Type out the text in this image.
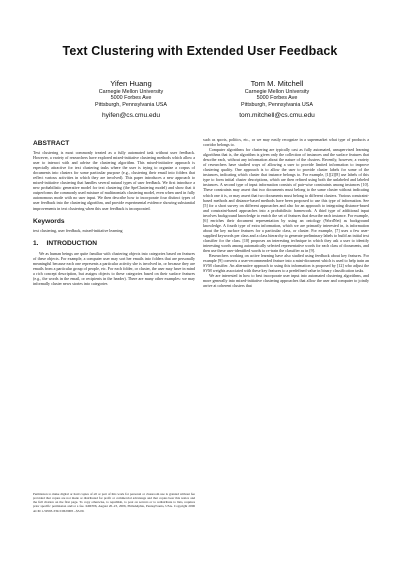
Text Clustering with Extended User Feedback
Yifen Huang
Carnegie Mellon University
5000 Forbes Ave
Pittsburgh, Pennsylvania USA
hyifen@cs.cmu.edu
Tom M. Mitchell
Carnegie Mellon University
5000 Forbes Ave
Pittsburgh, Pennsylvania USA
tom.mitchell@cs.cmu.edu
ABSTRACT

Text clustering is most commonly treated as a fully automated task without user feedback. However, a variety of researchers have explored mixed-initiative clustering methods which allow a user to interact with and advise the clustering algorithm. This mixed-initiative approach is especially attractive for text clustering tasks where the user is trying to organize a corpus of documents into clusters for some particular purpose (e.g., clustering their email into folders that reflect various activities in which they are involved). This paper introduces a new approach to mixed-initiative clustering that handles several natural types of user feedback. We first introduce a new probabilistic generative model for text clustering (the SpeClustering model) and show that it outperforms the commonly used mixture of multinomials clustering model, even when used in fully autonomous mode with no user input. We then describe how to incorporate four distinct types of user feedback into the clustering algorithm, and provide experimental evidence showing substantial improvements in text clustering when this user feedback is incorporated.

Keywords

text clustering, user feedback, mixed-initiative learning

1. INTRODUCTION

We as human beings are quite familiar with clustering objects into categories based on features of these objects. For example, a computer user may sort her emails into folders that are personally meaningful because each one represents a particular activity she is involved in, or because they are emails from a particular group of people, etc. For each folder, or cluster, the user may have in mind a rich concept description, but assigns objects to these categories based on their surface features (e.g., the words in the email, or recipients in the header). There are many other examples: we may informally cluster news stories into categories

Permission to make digital or hard copies of all or part of this work for personal or classroom use is granted without fee provided that copies are not made or distributed for profit or commercial advantage and that copies bear this notice and the full citation on the first page. To copy otherwise, to republish, to post on servers or to redistribute to lists, requires prior specific permission and/or a fee. KDD'06, August 20–23, 2006, Philadelphia, Pennsylvania, USA. Copyright 2006 ACM 1-59593-339-5/06/0008 ...$5.00.

such as sports, politics, etc., or we may easily recognize in a supermarket what type of products a corridor belongs to.

Computer algorithms for clustering are typically cast as fully automated, unsupervised learning algorithms that is, the algorithm is given only the collection of instances and the surface features that describe each, without any information about the nature of the clusters. Recently, however, a variety of researchers have studied ways of allowing a user to provide limited information to improve clustering quality. One approach is to allow the user to provide cluster labels for some of the instances, indicating which cluster that instance belongs to. For example, [1][2][8] use labels of this type to form initial cluster descriptions, which are then refined using both the unlabeled and labeled instances. A second type of input information consists of pair-wise constraints among instances [10]. These constraints may assert that two documents must belong to the same cluster without indicating which one it is, or may assert that two documents must belong to different clusters. Various constraint-based methods and distance-based methods have been proposed to use this type of information. See [5] for a short survey on different approaches and also for an approach to integrating distance-based and constraint-based approaches into a probabilistic framework. A third type of additional input involves background knowledge to enrich the set of features that describe each instance. For example, [6] enriches their document representation by using an ontology (WordNet) as background knowledge. A fourth type of extra information, which we are primarily interested in, is information about the key surface features for a particular class, or cluster. For example, [7] uses a few user-supplied keywords per class and a class hierarchy to generate preliminary labels to build an initial text classifier for the class. [10] proposes an interesting technique in which they ask a user to identify interesting words among automatically selected representative words for each class of documents, and then use these user-identified words to re-train the classifier as in [9].

Researchers working on active learning have also studied using feedback about key features. For example [9] converts a user-recommended feature into a mini-document which is used to help train an SVM classifier. An alternative approach to using this information is proposed by [12] who adjust the SVM weights associated with these key features to a predefined value in binary classification tasks.

We are interested in how to best incorporate user input into automated clustering algorithms, and more generally into mixed-initiative clustering approaches that allow the user and computer to jointly arrive at coherent clusters that
